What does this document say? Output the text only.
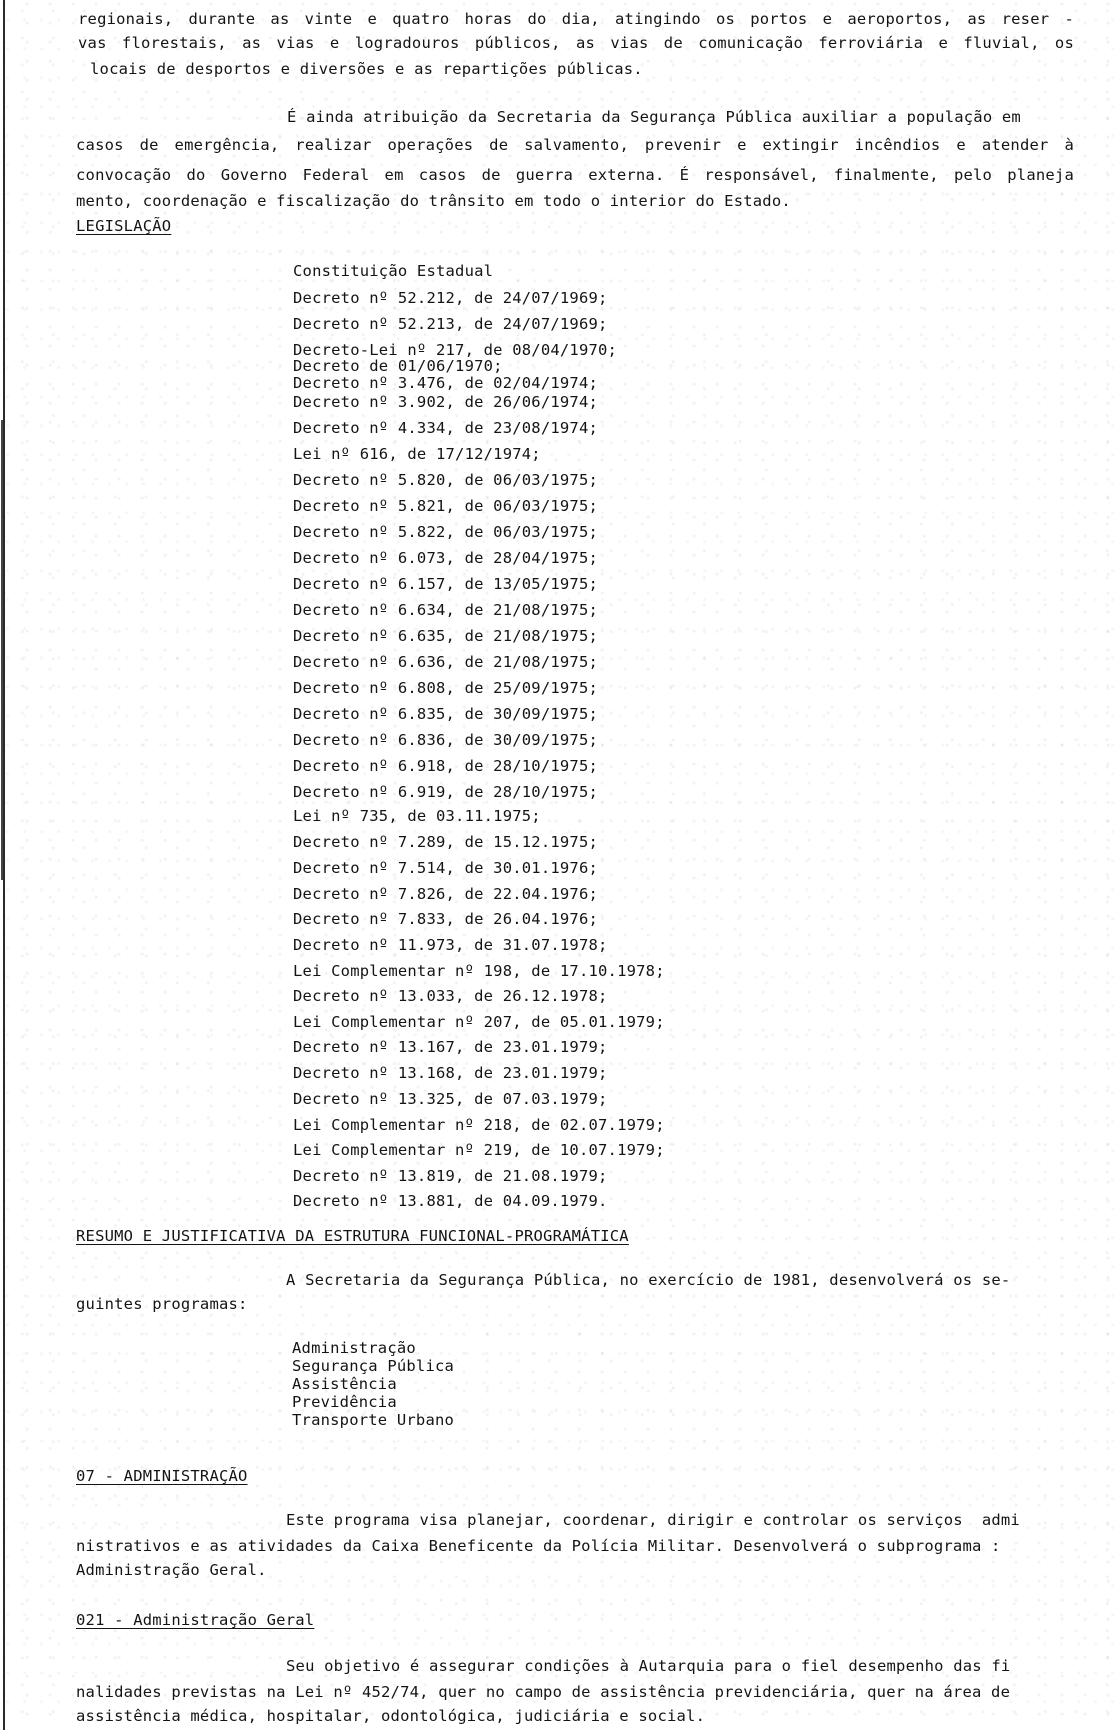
regionais, durante as vinte e quatro horas do dia, atingindo os portos e aeroportos, as reser -
vas florestais, as vias e logradouros públicos, as vias de comunicação ferroviária e fluvial, os
locais de desportos e diversões e as repartições públicas.
É ainda atribuição da Secretaria da Segurança Pública auxiliar a população em
casos de emergência, realizar operações de salvamento, prevenir e extingir incêndios e atender à
convocação do Governo Federal em casos de guerra externa. É responsável, finalmente, pelo planeja
mento, coordenação e fiscalização do trânsito em todo o interior do Estado.
LEGISLAÇÃO
Constituição Estadual
Decreto nº 52.212, de 24/07/1969;
Decreto nº 52.213, de 24/07/1969;
Decreto-Lei nº 217, de 08/04/1970;
Decreto de 01/06/1970;
Decreto nº 3.476, de 02/04/1974;
Decreto nº 3.902, de 26/06/1974;
Decreto nº 4.334, de 23/08/1974;
Lei nº 616, de 17/12/1974;
Decreto nº 5.820, de 06/03/1975;
Decreto nº 5.821, de 06/03/1975;
Decreto nº 5.822, de 06/03/1975;
Decreto nº 6.073, de 28/04/1975;
Decreto nº 6.157, de 13/05/1975;
Decreto nº 6.634, de 21/08/1975;
Decreto nº 6.635, de 21/08/1975;
Decreto nº 6.636, de 21/08/1975;
Decreto nº 6.808, de 25/09/1975;
Decreto nº 6.835, de 30/09/1975;
Decreto nº 6.836, de 30/09/1975;
Decreto nº 6.918, de 28/10/1975;
Decreto nº 6.919, de 28/10/1975;
Lei nº 735, de 03.11.1975;
Decreto nº 7.289, de 15.12.1975;
Decreto nº 7.514, de 30.01.1976;
Decreto nº 7.826, de 22.04.1976;
Decreto nº 7.833, de 26.04.1976;
Decreto nº 11.973, de 31.07.1978;
Lei Complementar nº 198, de 17.10.1978;
Decreto nº 13.033, de 26.12.1978;
Lei Complementar nº 207, de 05.01.1979;
Decreto nº 13.167, de 23.01.1979;
Decreto nº 13.168, de 23.01.1979;
Decreto nº 13.325, de 07.03.1979;
Lei Complementar nº 218, de 02.07.1979;
Lei Complementar nº 219, de 10.07.1979;
Decreto nº 13.819, de 21.08.1979;
Decreto nº 13.881, de 04.09.1979.
RESUMO E JUSTIFICATIVA DA ESTRUTURA FUNCIONAL-PROGRAMÁTICA
A Secretaria da Segurança Pública, no exercício de 1981, desenvolverá os se-
guintes programas:
Administração
Segurança Pública
Assistência
Previdência
Transporte Urbano
07 - ADMINISTRAÇÃO
Este programa visa planejar, coordenar, dirigir e controlar os serviços  admi
nistrativos e as atividades da Caixa Beneficente da Polícia Militar. Desenvolverá o subprograma :
Administração Geral.
021 - Administração Geral
Seu objetivo é assegurar condições à Autarquia para o fiel desempenho das fi
nalidades previstas na Lei nº 452/74, quer no campo de assistência previdenciária, quer na área de
assistência médica, hospitalar, odontológica, judiciária e social.
